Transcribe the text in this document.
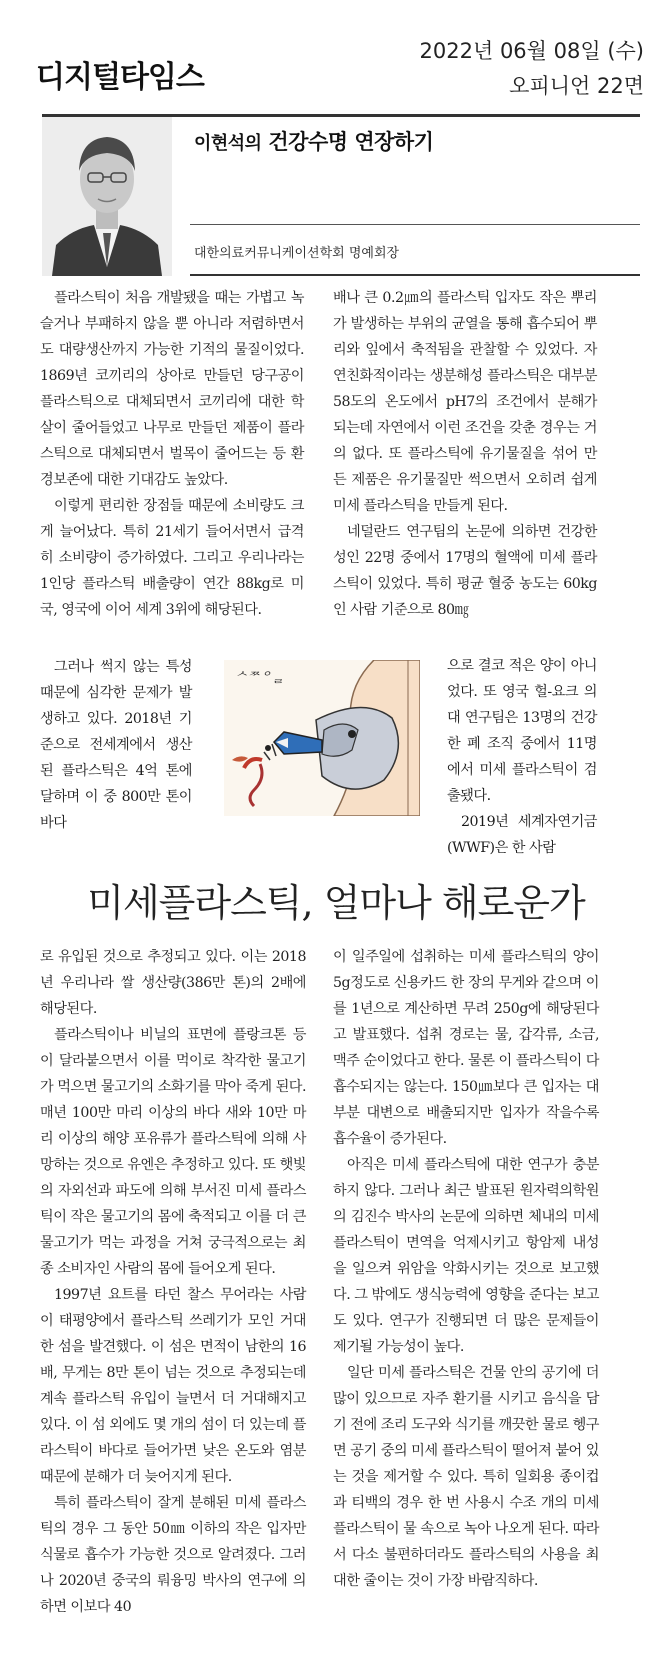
디지털타임스
2022년 06월 08일 (수)
오피니언 22면
이현석의 건강수명 연장하기
대한의료커뮤니케이션학회 명예회장

플라스틱이 처음 개발됐을 때는 가볍고 녹슬거나 부패하지 않을 뿐 아니라 저렴하면서도 대량생산까지 가능한 기적의 물질이었다. 1869년 코끼리의 상아로 만들던 당구공이 플라스틱으로 대체되면서 코끼리에 대한 학살이 줄어들었고 나무로 만들던 제품이 플라스틱으로 대체되면서 벌목이 줄어드는 등 환경보존에 대한 기대감도 높았다.

이렇게 편리한 장점들 때문에 소비량도 크게 늘어났다. 특히 21세기 들어서면서 급격히 소비량이 증가하였다. 그리고 우리나라는 1인당 플라스틱 배출량이 연간 88kg로 미국, 영국에 이어 세계 3위에 해당된다.

그러나 썩지 않는 특성 때문에 심각한 문제가 발생하고 있다. 2018년 기준으로 전세계에서 생산된 플라스틱은 4억 톤에 달하며 이 중 800만 톤이 바다

배나 큰 0.2㎛의 플라스틱 입자도 작은 뿌리가 발생하는 부위의 균열을 통해 흡수되어 뿌리와 잎에서 축적됨을 관찰할 수 있었다. 자연친화적이라는 생분해성 플라스틱은 대부분 58도의 온도에서 pH7의 조건에서 분해가 되는데 자연에서 이런 조건을 갖춘 경우는 거의 없다. 또 플라스틱에 유기물질을 섞어 만든 제품은 유기물질만 썩으면서 오히려 쉽게 미세 플라스틱을 만들게 된다.

네덜란드 연구팀의 논문에 의하면 건강한 성인 22명 중에서 17명의 혈액에 미세 플라스틱이 있었다. 특히 평균 혈중 농도는 60kg인 사람 기준으로 80㎎

으로 결코 적은 양이 아니었다. 또 영국 헐-요크 의대 연구팀은 13명의 건강한 폐 조직 중에서 11명에서 미세 플라스틱이 검출됐다.

2019년 세계자연기금(WWF)은 한 사람

ᄉᄍᄋᆯ
미세플라스틱, 얼마나 해로운가

로 유입된 것으로 추정되고 있다. 이는 2018년 우리나라 쌀 생산량(386만 톤)의 2배에 해당된다.

플라스틱이나 비닐의 표면에 플랑크톤 등이 달라붙으면서 이를 먹이로 착각한 물고기가 먹으면 물고기의 소화기를 막아 죽게 된다. 매년 100만 마리 이상의 바다 새와 10만 마리 이상의 해양 포유류가 플라스틱에 의해 사망하는 것으로 유엔은 추정하고 있다. 또 햇빛의 자외선과 파도에 의해 부서진 미세 플라스틱이 작은 물고기의 몸에 축적되고 이를 더 큰 물고기가 먹는 과정을 거쳐 궁극적으로는 최종 소비자인 사람의 몸에 들어오게 된다.

1997년 요트를 타던 찰스 무어라는 사람이 태평양에서 플라스틱 쓰레기가 모인 거대한 섬을 발견했다. 이 섬은 면적이 남한의 16배, 무게는 8만 톤이 넘는 것으로 추정되는데 계속 플라스틱 유입이 늘면서 더 거대해지고 있다. 이 섬 외에도 몇 개의 섬이 더 있는데 플라스틱이 바다로 들어가면 낮은 온도와 염분 때문에 분해가 더 늦어지게 된다.

특히 플라스틱이 잘게 분해된 미세 플라스틱의 경우 그 동안 50㎚ 이하의 작은 입자만 식물로 흡수가 가능한 것으로 알려졌다. 그러나 2020년 중국의 뤄융밍 박사의 연구에 의하면 이보다 40

이 일주일에 섭취하는 미세 플라스틱의 양이 5g정도로 신용카드 한 장의 무게와 같으며 이를 1년으로 계산하면 무려 250g에 해당된다고 발표했다. 섭취 경로는 물, 갑각류, 소금, 맥주 순이었다고 한다. 물론 이 플라스틱이 다 흡수되지는 않는다. 150㎛보다 큰 입자는 대부분 대변으로 배출되지만 입자가 작을수록 흡수율이 증가된다.

아직은 미세 플라스틱에 대한 연구가 충분하지 않다. 그러나 최근 발표된 원자력의학원의 김진수 박사의 논문에 의하면 체내의 미세 플라스틱이 면역을 억제시키고 항암제 내성을 일으켜 위암을 악화시키는 것으로 보고했다. 그 밖에도 생식능력에 영향을 준다는 보고도 있다. 연구가 진행되면 더 많은 문제들이 제기될 가능성이 높다.

일단 미세 플라스틱은 건물 안의 공기에 더 많이 있으므로 자주 환기를 시키고 음식을 담기 전에 조리 도구와 식기를 깨끗한 물로 헹구면 공기 중의 미세 플라스틱이 떨어져 붙어 있는 것을 제거할 수 있다. 특히 일회용 종이컵과 티백의 경우 한 번 사용시 수조 개의 미세플라스틱이 물 속으로 녹아 나오게 된다. 따라서 다소 불편하더라도 플라스틱의 사용을 최대한 줄이는 것이 가장 바람직하다.
